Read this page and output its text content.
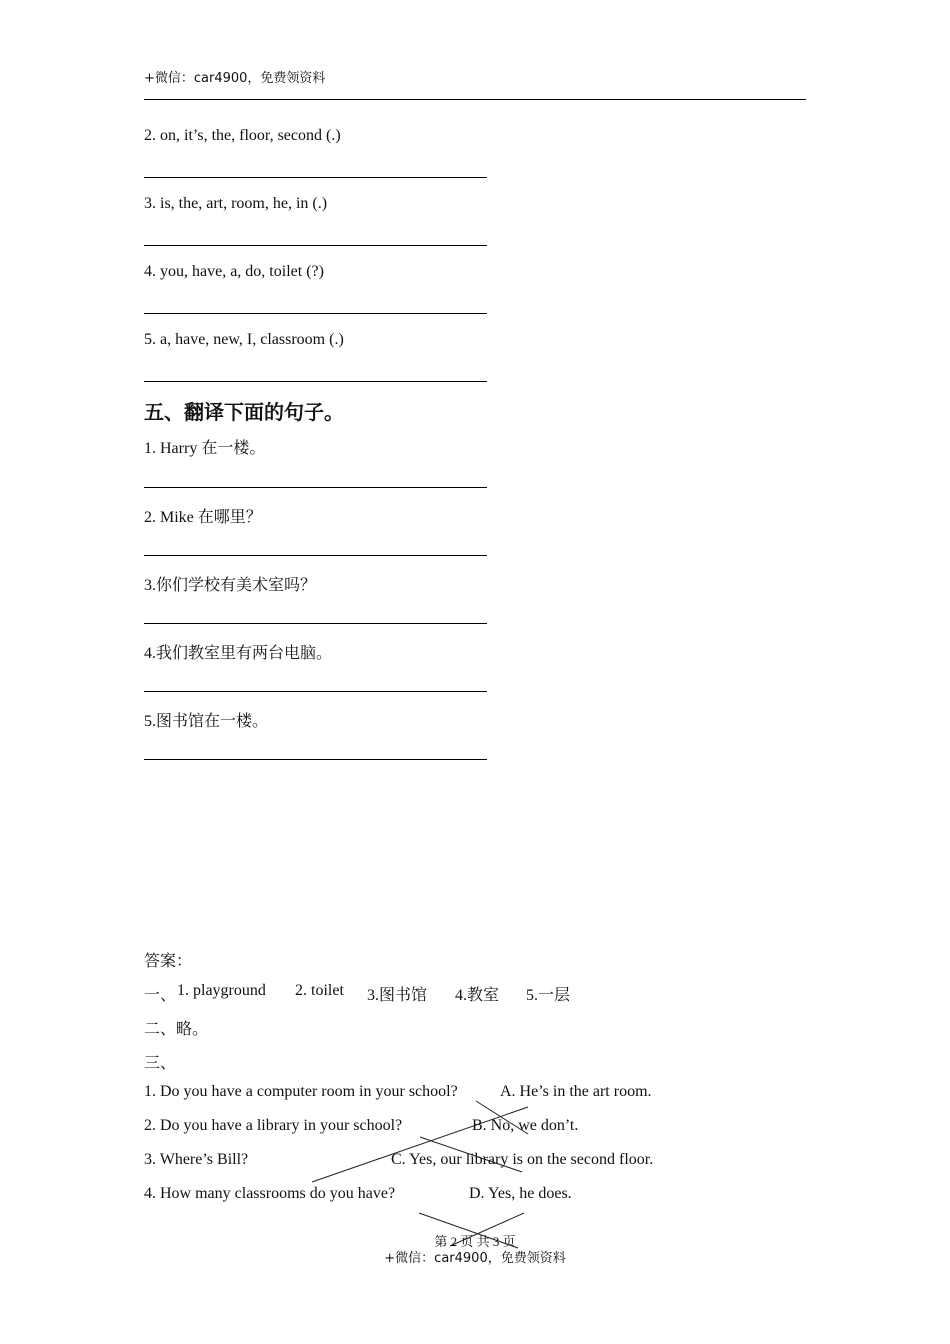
+微信：car4900，免费领资料
2. on, it’s, the, floor, second (.)
3. is, the, art, room, he, in (.)
4. you, have, a, do, toilet (?)
5. a, have, new, I, classroom (.)
五、翻译下面的句子。
1. Harry 在一楼。
2. Mike 在哪里？
3.你们学校有美术室吗？
4.我们教室里有两台电脑。
5.图书馆在一楼。
答案：
一、 1. playground 2. toilet 3.图书馆 4.教室 5.一层
二、略。
三、
1. Do you have a computer room in your school?	A. He’s in the art room.
2. Do you have a library in your school?	B. No, we don’t.
3. Where’s Bill?	C. Yes, our library is on the second floor.
4. How many classrooms do you have?	D. Yes, he does.
第 2 页 共 3 页
+微信：car4900，免费领资料
